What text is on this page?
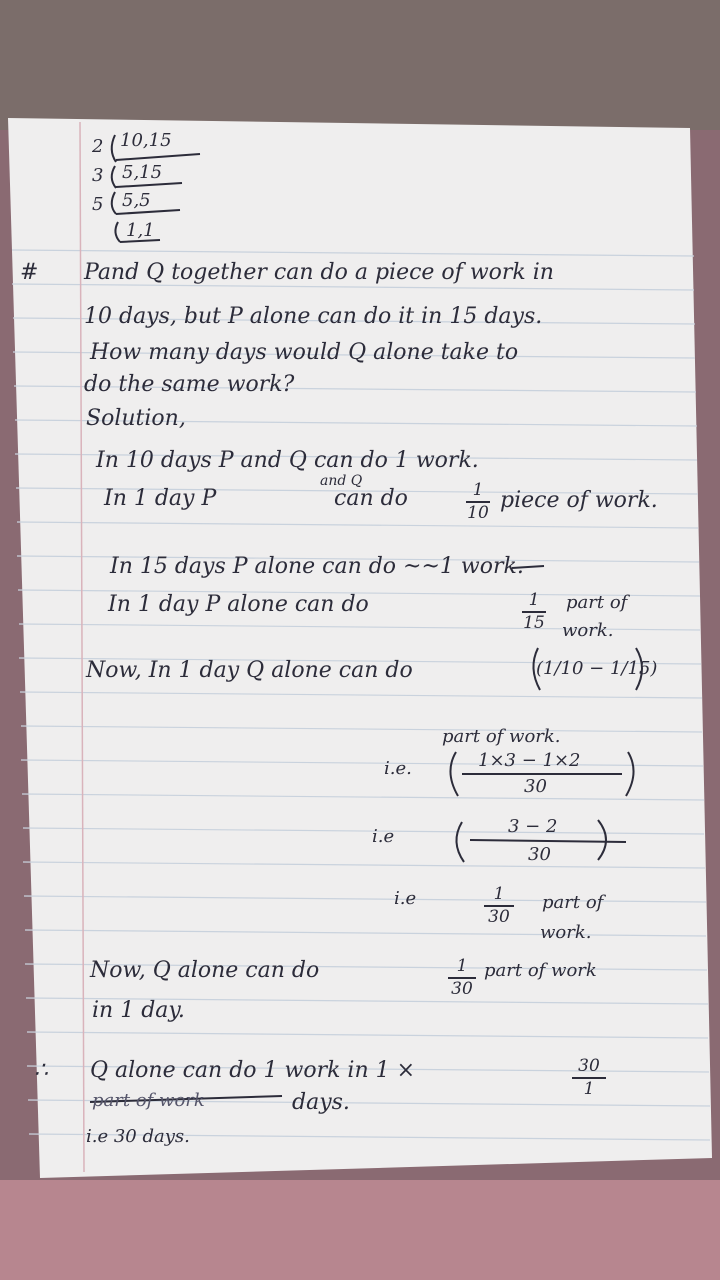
2 10,15
3 5,15
5 5,5
1,1
# Pand Q together can do a piece of work in
10 days, but P alone can do it in 15 days.
How many days would Q alone take to
do the same work?
Solution,
In 10 days P and Q can do 1 work.
In 1 day P
and Q
can do	1
10 piece of work.
In 15 days P alone can do ~~1 work.
In 1 day P alone can do	1
15
part of
work.
Now, In 1 day Q alone can do	(1/10 − 1/15)
part of work.
i.e.	1×3 − 1×2
30
i.e	3 − 2
30
i.e	1
30
part of
work.
Now, Q alone can do	1
30
part of work
in 1 day.
∴ Q alone can do 1 work in 1 ×	30
1
part of work	days.
i.e 30 days.
